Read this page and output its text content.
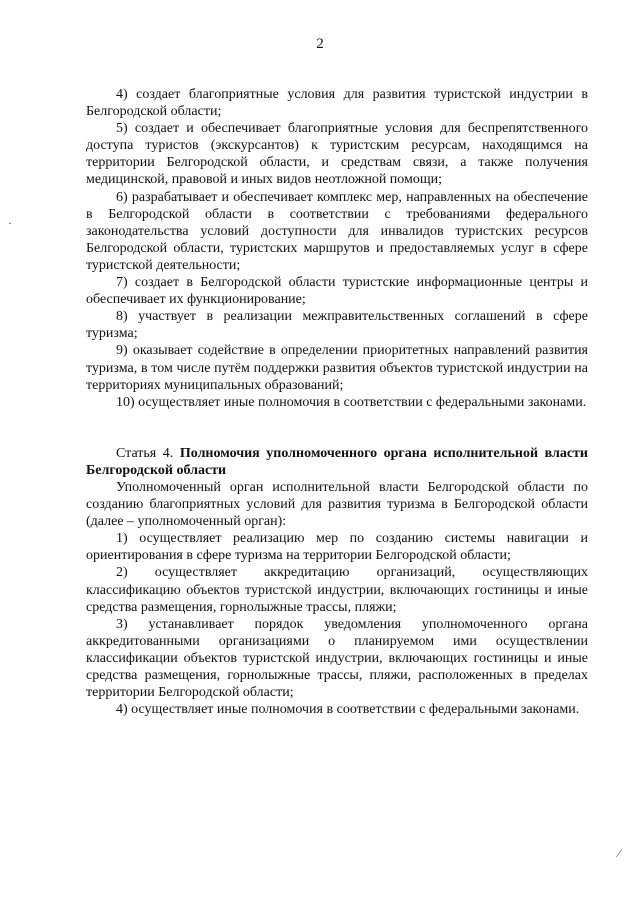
2

4) создает благоприятные условия для развития туристской индустрии в Белгородской области;

5) создает и обеспечивает благоприятные условия для беспрепятственного доступа туристов (экскурсантов) к туристским ресурсам, находящимся на территории Белгородской области, и средствам связи, а также получения медицинской, правовой и иных видов неотложной помощи;

6) разрабатывает и обеспечивает комплекс мер, направленных на обеспечение в Белгородской области в соответствии с требованиями федерального законодательства условий доступности для инвалидов туристских ресурсов Белгородской области, туристских маршрутов и предоставляемых услуг в сфере туристской деятельности;

7) создает в Белгородской области туристские информационные центры и обеспечивает их функционирование;

8) участвует в реализации межправительственных соглашений в сфере туризма;

9) оказывает содействие в определении приоритетных направлений развития туризма, в том числе путём поддержки развития объектов туристской индустрии на территориях муниципальных образований;

10) осуществляет иные полномочия в соответствии с федеральными законами.

Статья 4. Полномочия уполномоченного органа исполнительной власти Белгородской области

Уполномоченный орган исполнительной власти Белгородской области по созданию благоприятных условий для развития туризма в Белгородской области (далее – уполномоченный орган):

1) осуществляет реализацию мер по созданию системы навигации и ориентирования в сфере туризма на территории Белгородской области;

2) осуществляет аккредитацию организаций, осуществляющих классификацию объектов туристской индустрии, включающих гостиницы и иные средства размещения, горнолыжные трассы, пляжи;

3) устанавливает порядок уведомления уполномоченного органа аккредитованными организациями о планируемом ими осуществлении классификации объектов туристской индустрии, включающих гостиницы и иные средства размещения, горнолыжные трассы, пляжи, расположенных в пределах территории Белгородской области;

4) осуществляет иные полномочия в соответствии с федеральными законами.

·
⁄
